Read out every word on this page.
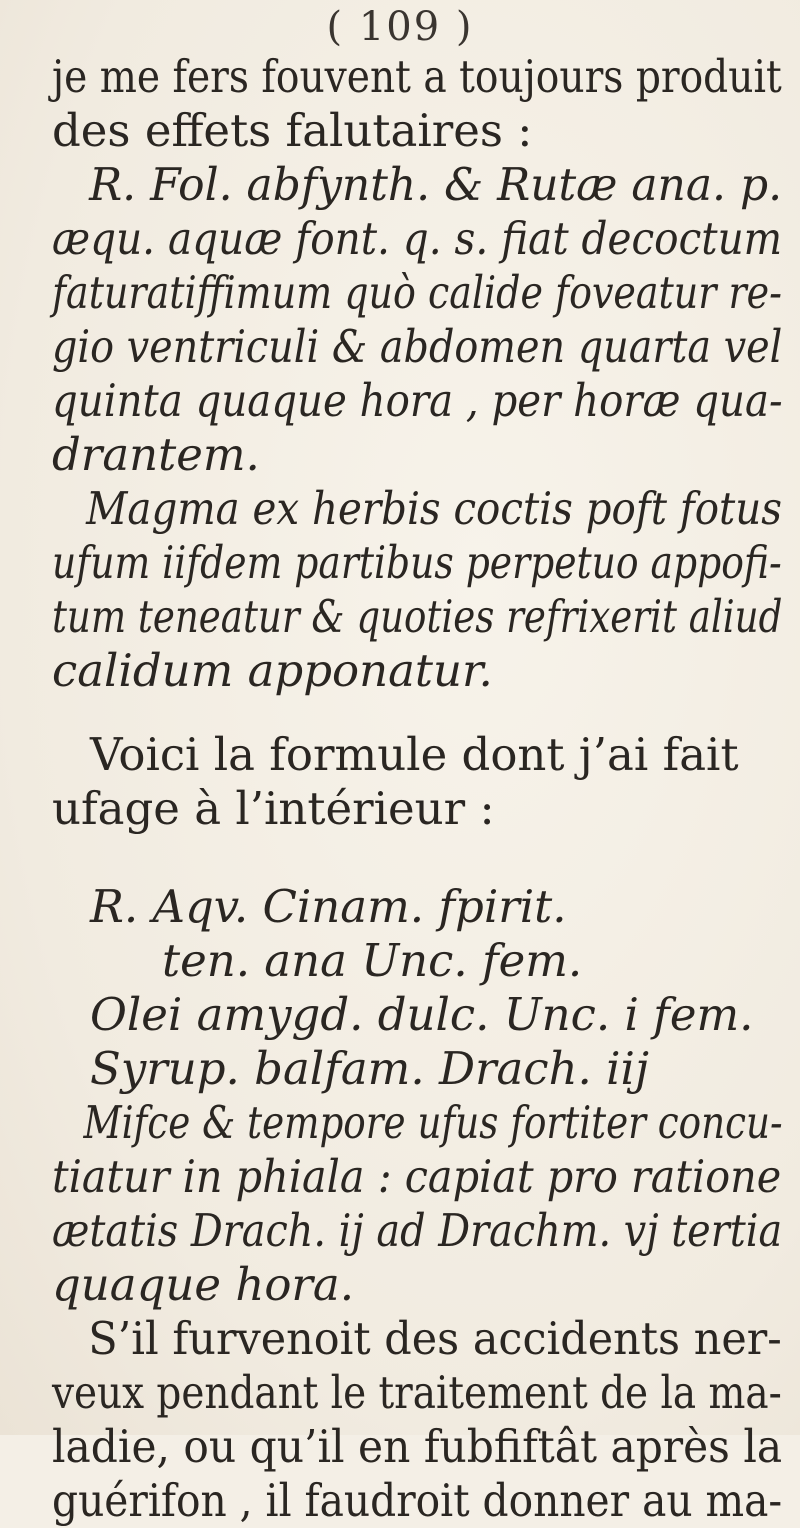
( 109 )
je me fers fouvent a toujours produit
des effets falutaires :
R. Fol. abfynth. & Rutæ ana. p.
æqu. aquæ font. q. s. fiat decoctum
faturatiffimum quò calide foveatur re-
gio ventriculi & abdomen quarta vel
quinta quaque hora , per horæ qua-
drantem.
Magma ex herbis coctis poft fotus
ufum iifdem partibus perpetuo appofi-
tum teneatur & quoties refrixerit aliud
calidum apponatur.
Voici la formule dont j’ai fait
ufage à l’intérieur :
R. Aqv. Cinam. fpirit.
ten. ana Unc. fem.
Olei amygd. dulc. Unc. i fem.
Syrup. balfam. Drach. iij
Mifce & tempore ufus fortiter concu-
tiatur in phiala : capiat pro ratione
ætatis Drach. ij ad Drachm. vj tertia
quaque hora.
S’il furvenoit des accidents ner-
veux pendant le traitement de la ma-
ladie, ou qu’il en fubfiftât après la
guérifon , il faudroit donner au ma-
